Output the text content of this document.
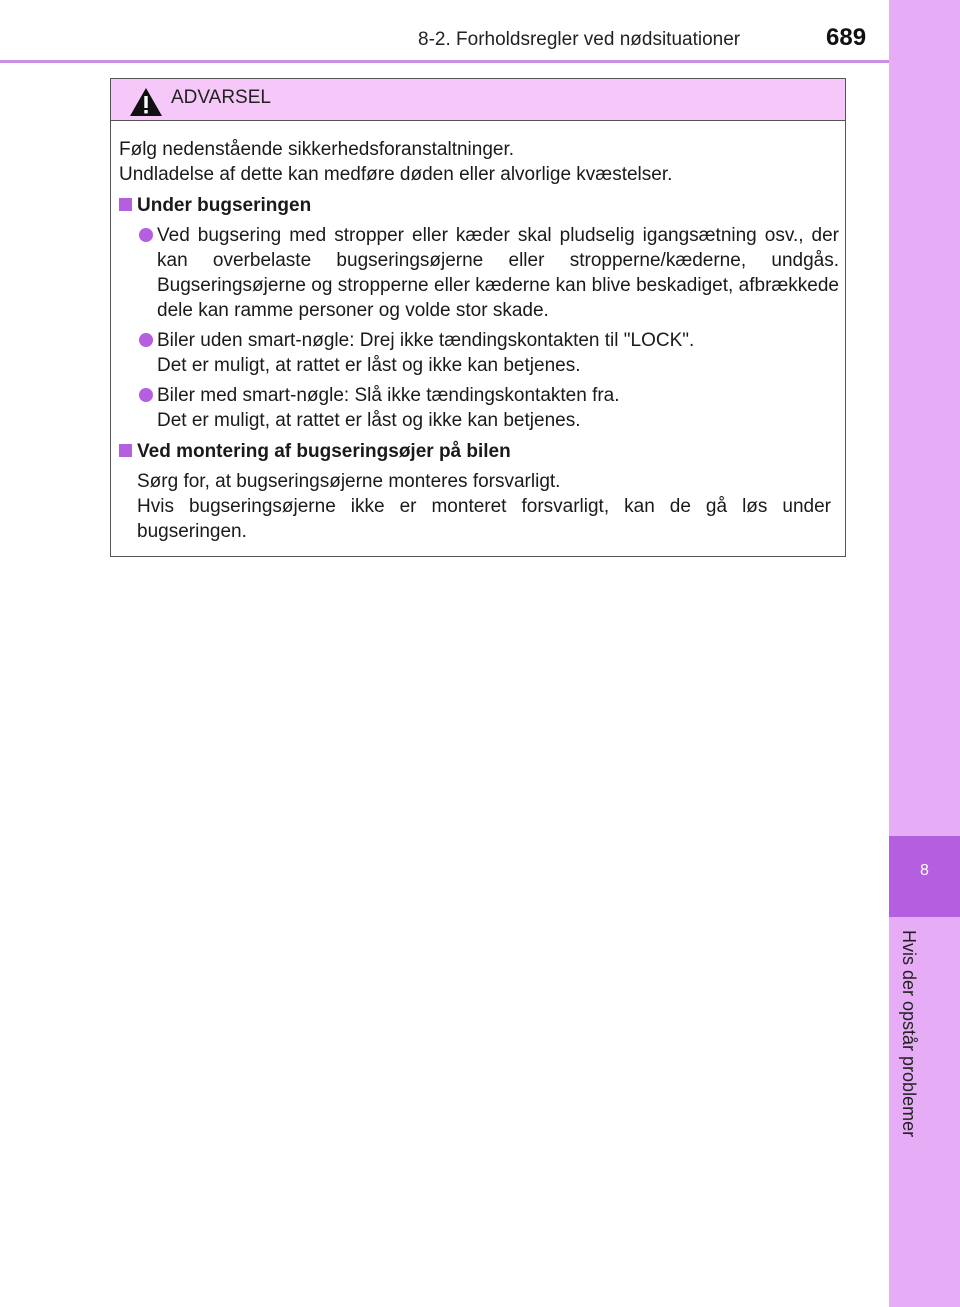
8-2. Forholdsregler ved nødsituationer	689
8
Hvis der opstår problemer
ADVARSEL

Følg nedenstående sikkerhedsforanstaltninger.

Undladelse af dette kan medføre døden eller alvorlige kvæstelser.

Under bugseringen
Ved bugsering med stropper eller kæder skal pludselig igangsætning osv., der kan overbelaste bugseringsøjerne eller stropperne/kæderne, undgås. Bugseringsøjerne og stropperne eller kæderne kan blive beskadiget, afbrækkede dele kan ramme personer og volde stor skade.
Biler uden smart-nøgle: Drej ikke tændingskontakten til "LOCK".
Det er muligt, at rattet er låst og ikke kan betjenes.
Biler med smart-nøgle: Slå ikke tændingskontakten fra.
Det er muligt, at rattet er låst og ikke kan betjenes.
Ved montering af bugseringsøjer på bilen
Sørg for, at bugseringsøjerne monteres forsvarligt.
Hvis bugseringsøjerne ikke er monteret forsvarligt, kan de gå løs under bugseringen.
